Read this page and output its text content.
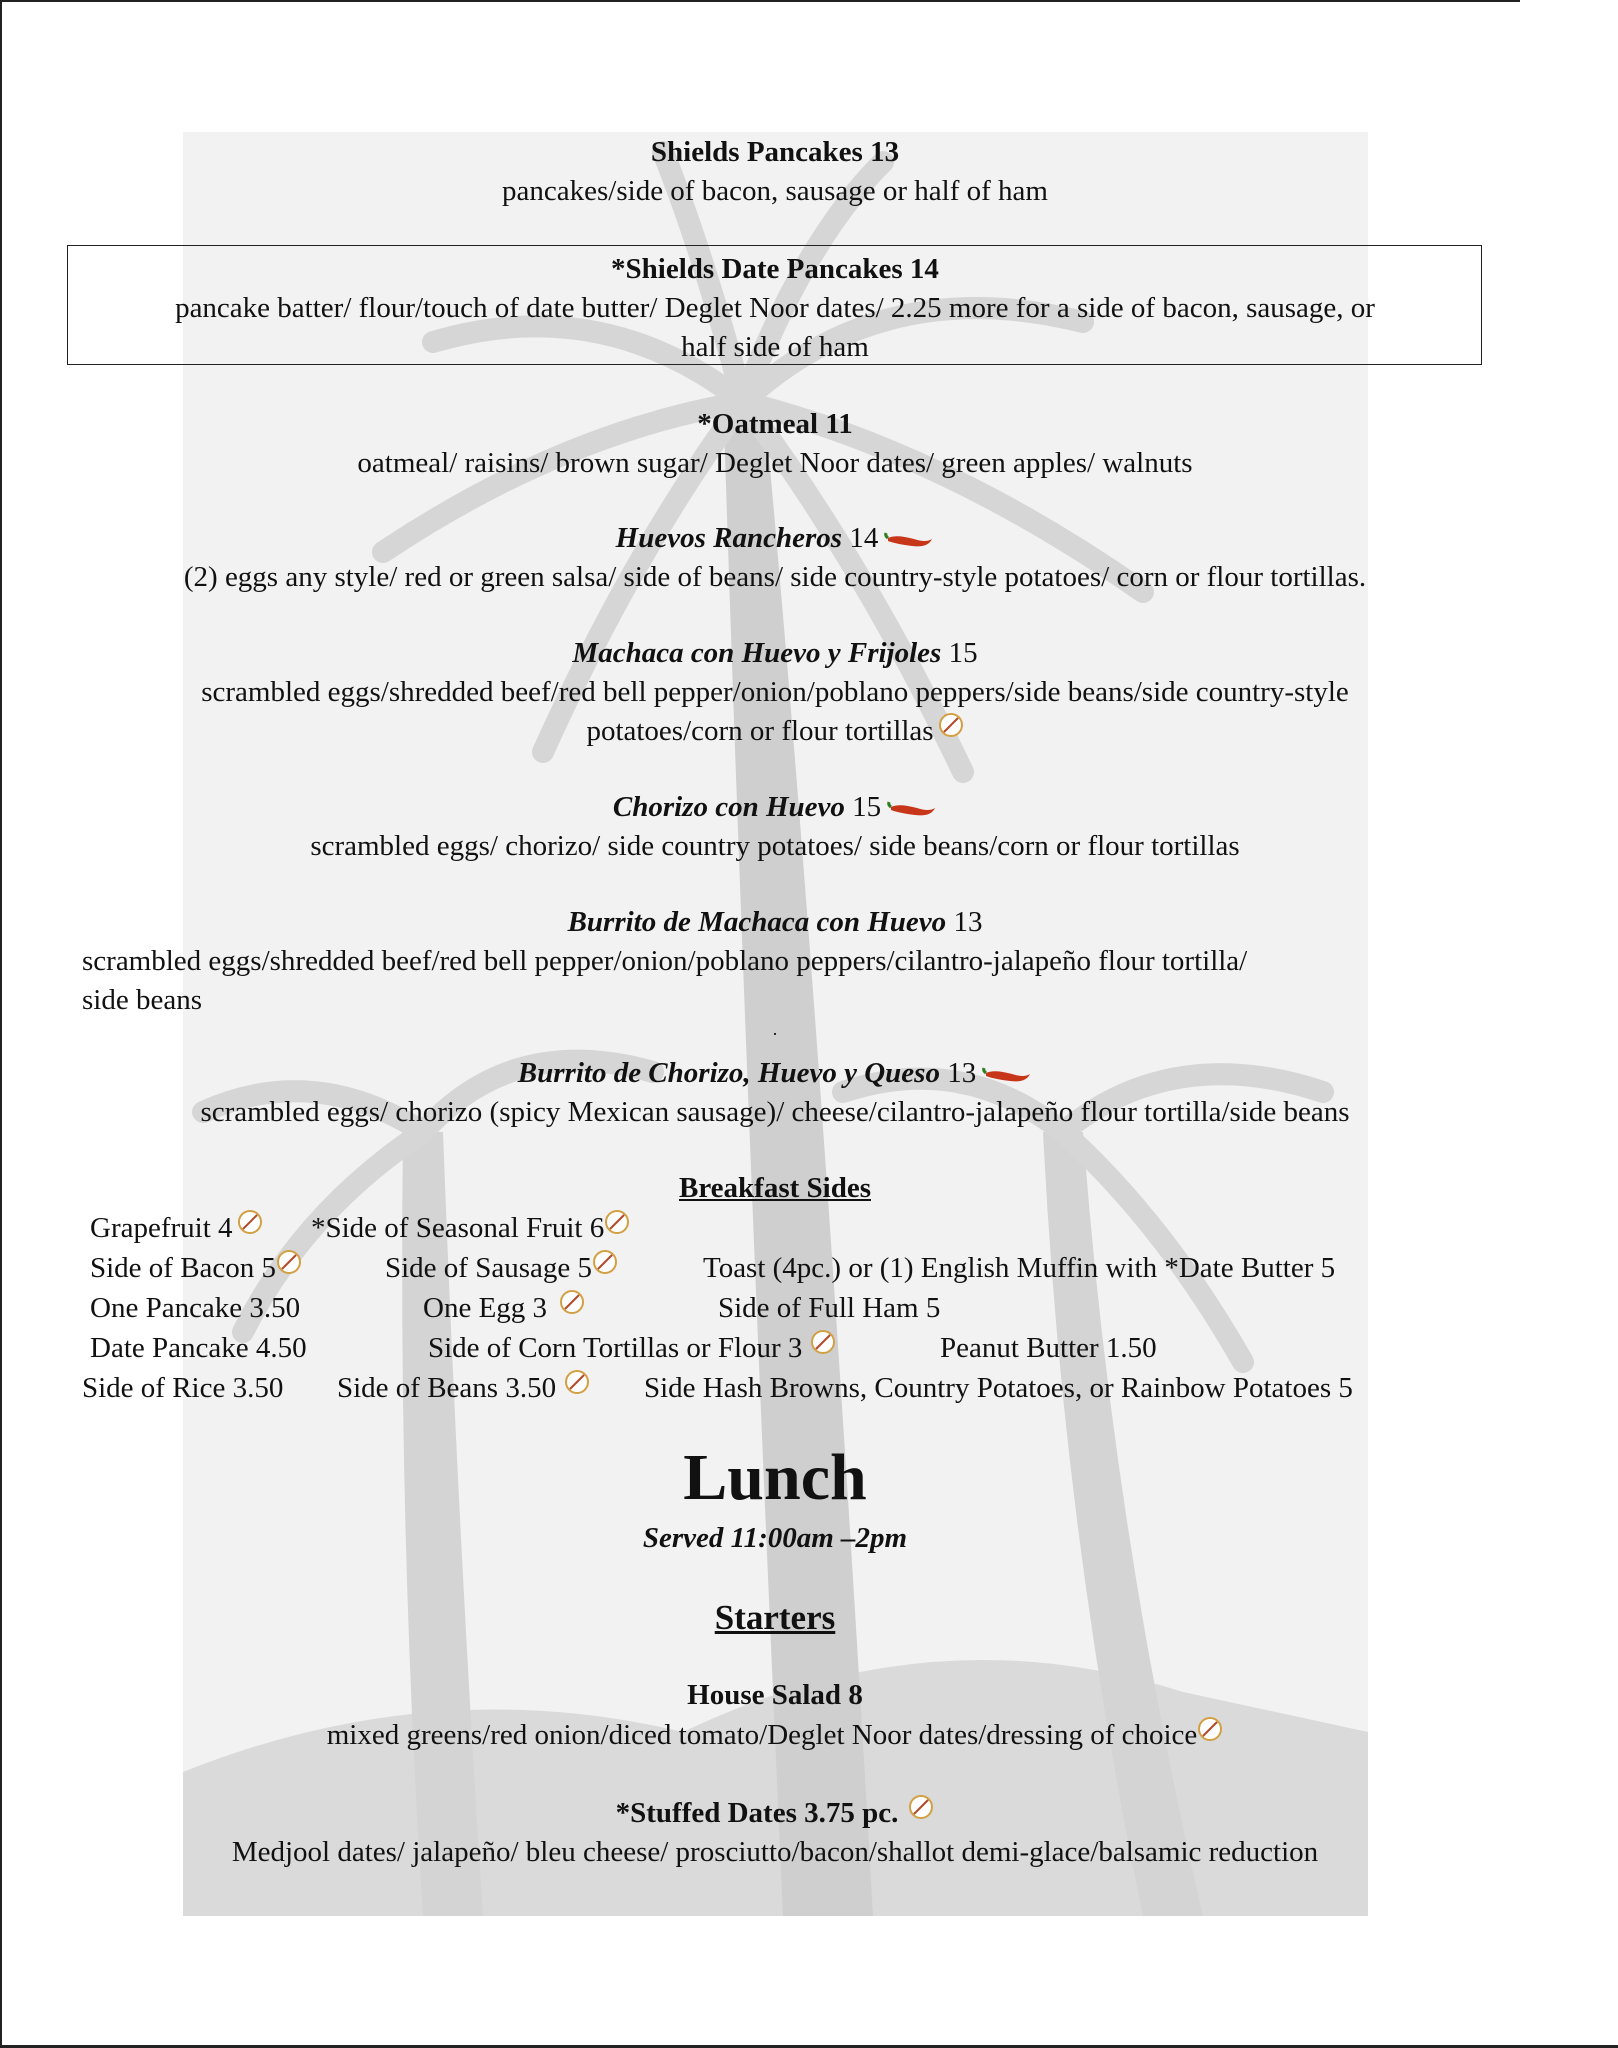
Shields Pancakes 13
pancakes/side of bacon, sausage or half of ham
*Shields Date Pancakes 14
pancake batter/ flour/touch of date butter/ Deglet Noor dates/ 2.25 more for a side of bacon, sausage, or
half side of ham
*Oatmeal 11
oatmeal/ raisins/ brown sugar/ Deglet Noor dates/ green apples/ walnuts
Huevos Rancheros 14
(2) eggs any style/ red or green salsa/ side of beans/ side country-style potatoes/ corn or flour tortillas.
Machaca con Huevo y Frijoles 15
scrambled eggs/shredded beef/red bell pepper/onion/poblano peppers/side beans/side country-style
potatoes/corn or flour tortillas
Chorizo con Huevo 15
scrambled eggs/ chorizo/ side country potatoes/ side beans/corn or flour tortillas
Burrito de Machaca con Huevo 13
scrambled eggs/shredded beef/red bell pepper/onion/poblano peppers/cilantro-jalapeño flour tortilla/
side beans
.
Burrito de Chorizo, Huevo y Queso 13
scrambled eggs/ chorizo (spicy Mexican sausage)/ cheese/cilantro-jalapeño flour tortilla/side beans
Breakfast Sides
Grapefruit 4	*Side of Seasonal Fruit 6
Side of Bacon 5	Side of Sausage 5	Toast (4pc.) or (1) English Muffin with *Date Butter 5
One Pancake 3.50	One Egg 3	Side of Full Ham 5
Date Pancake 4.50	Side of Corn Tortillas or Flour 3	Peanut Butter 1.50
Side of Rice 3.50 Side of Beans 3.50	Side Hash Browns, Country Potatoes, or Rainbow Potatoes 5
Lunch
Served 11:00am –2pm
Starters
House Salad 8
mixed greens/red onion/diced tomato/Deglet Noor dates/dressing of choice
*Stuffed Dates 3.75 pc.
Medjool dates/ jalapeño/ bleu cheese/ prosciutto/bacon/shallot demi-glace/balsamic reduction
